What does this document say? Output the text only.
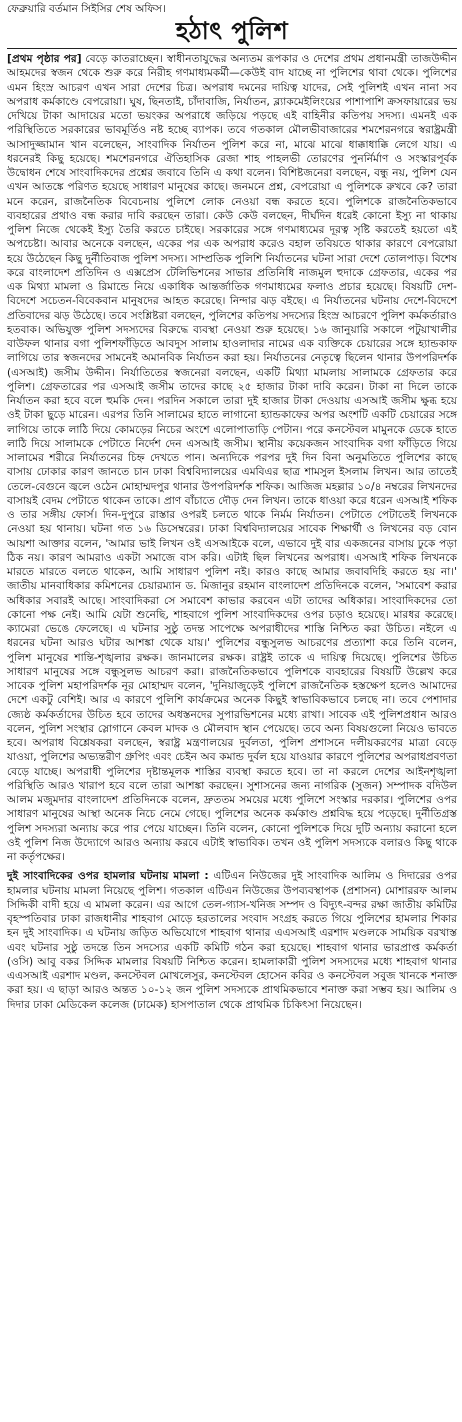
ফেব্রুয়ারি বর্তমান সিইসির শেষ অফিস।
হঠাৎ পুলিশ

[প্রথম পৃষ্ঠার পর] বেড়ে কাতরাচ্ছেন। স্বাধীনতাযুদ্ধের অন্যতম রূপকার ও দেশের প্রথম প্রধানমন্ত্রী তাজউদ্দীন আহমদের স্বজন থেকে শুরু করে নিরীহ গণমাধ্যমকর্মী—কেউই বাদ যাচ্ছে না পুলিশের থাবা থেকে। পুলিশের এমন হিংস্র আচরণ এখন সারা দেশের চিত্র। অপরাধ দমনের দায়িত্ব যাদের, সেই পুলিশই এখন নানা সব অপরাধ কর্মকাণ্ডে বেপরোয়া। ঘুষ, ছিনতাই, চাঁদাবাজি, নির্যাতন, ব্ল্যাকমেইলিংয়ের পাশাপাশি ক্রসফায়ারের ভয় দেখিয়ে টাকা আদায়ের মতো ভয়ংকর অপরাধে জড়িয়ে পড়ছে এই বাহিনীর কতিপয় সদস্য। এমনই এক পরিস্থিতিতে সরকারের ভাবমূর্তিও নষ্ট হচ্ছে ব্যাপক। তবে গতকাল মৌলভীবাজারের শমশেরনগরে স্বরাষ্ট্রমন্ত্রী আসাদুজ্জামান খান বলেছেন, সাংবাদিক নির্যাতন পুলিশ করে না, মাঝে মাঝে ধাক্কাধাক্কি লেগে যায়। এ ধরনেরই কিছু হয়েছে। শমশেরনগরে ঐতিহাসিক রেজা শাহ পাহলভী তোরণের পুনর্নির্মাণ ও সংস্কারপূর্বক উদ্বোধন শেষে সাংবাদিকদের প্রশ্নের জবাবে তিনি এ কথা বলেন। বিশিষ্টজনেরা বলছেন, বন্ধু নয়, পুলিশ যেন এখন আতঙ্কে পরিণত হয়েছে সাধারণ মানুষের কাছে। জনমনে প্রশ্ন, বেপরোয়া এ পুলিশকে রুখবে কে? তারা মনে করেন, রাজনৈতিক বিবেচনায় পুলিশে লোক নেওয়া বন্ধ করতে হবে। পুলিশকে রাজনৈতিকভাবে ব্যবহারের প্রথাও বন্ধ করার দাবি করছেন তারা। কেউ কেউ বলছেন, দীর্ঘদিন ধরেই কোনো ইস্যু না থাকায় পুলিশ নিজে থেকেই ইস্যু তৈরি করতে চাইছে। সরকারের সঙ্গে গণমাধ্যমের দূরত্ব সৃষ্টি করতেই হয়তো এই অপচেষ্টা। আবার অনেকে বলছেন, একের পর এক অপরাধ করেও বহাল তবিয়তে থাকার কারণে বেপরোয়া হয়ে উঠেছেন কিছু দুর্নীতিবাজ পুলিশ সদস্য। সাম্প্রতিক পুলিশি নির্যাতনের ঘটনা সারা দেশে তোলপাড়। বিশেষ করে বাংলাদেশ প্রতিদিন ও এক্সপ্রেস টেলিভিশনের সাভার প্রতিনিধি নাজমুল হুদাকে গ্রেফতার, একের পর এক মিথ্যা মামলা ও রিমান্ডে নিয়ে একাধিক আন্তর্জাতিক গণমাধ্যমের ফলাও প্রচার হয়েছে। বিষয়টি দেশ-বিদেশে সচেতন-বিবেকবান মানুষদের আহত করেছে। নিন্দার ঝড় বইছে। এ নির্যাতনের ঘটনায় দেশে-বিদেশে প্রতিবাদের ঝড় উঠেছে। তবে সংশ্লিষ্টরা বলছেন, পুলিশের কতিপয় সদস্যের হিংস্র আচরণে পুলিশ কর্মকর্তারাও হতবাক। অভিযুক্ত পুলিশ সদস্যদের বিরুদ্ধে ব্যবস্থা নেওয়া শুরু হয়েছে। ১৬ জানুয়ারি সকালে পটুয়াখালীর বাউফল থানার বগা পুলিশফাঁড়িতে আবদুস সালাম হাওলাদার নামের এক ব্যক্তিকে চেয়ারের সঙ্গে হ্যান্ডকাফ লাগিয়ে তার স্বজনদের সামনেই অমানবিক নির্যাতন করা হয়। নির্যাতনের নেতৃত্বে ছিলেন থানার উপপরিদর্শক (এসআই) জসীম উদ্দীন। নির্যাতিতের স্বজনেরা বলছেন, একটি মিথ্যা মামলায় সালামকে গ্রেফতার করে পুলিশ। গ্রেফতারের পর এসআই জসীম তাদের কাছে ২৫ হাজার টাকা দাবি করেন। টাকা না দিলে তাকে নির্যাতন করা হবে বলে হুমকি দেন। পরদিন সকালে তারা দুই হাজার টাকা দেওয়ায় এসআই জসীম ক্ষুব্ধ হয়ে ওই টাকা ছুড়ে মারেন। এরপর তিনি সালামের হাতে লাগানো হ্যান্ডকাফের অপর অংশটি একটি চেয়ারের সঙ্গে লাগিয়ে তাকে লাঠি দিয়ে কোমড়ের নিচের অংশে এলোপাতাড়ি পেটান। পরে কনস্টেবল মামুনকে ডেকে হাতে লাঠি দিয়ে সালামকে পেটাতে নির্দেশ দেন এসআই জসীম। স্থানীয় কয়েকজন সাংবাদিক বগা ফাঁড়িতে গিয়ে সালামের শরীরে নির্যাতনের চিহ্ন দেখতে পান। অন্যদিকে পরপর দুই দিন বিনা অনুমতিতে পুলিশের কাছে বাসায় ঢোকার কারণ জানতে চান ঢাকা বিশ্ববিদ্যালয়ের এমবিএর ছাত্র শামসুল ইসলাম লিখন। আর তাতেই তেলে-বেগুনে জ্বলে ওঠেন মোহাম্মদপুর থানার উপপরিদর্শক শফিক। আজিজ মহল্লার ১০/৪ নম্বরের লিখনদের বাসায়ই বেদম পেটাতে থাকেন তাকে। প্রাণ বাঁচাতে দৌড় দেন লিখন। তাকে ধাওয়া করে ধরেন এসআই শফিক ও তার সঙ্গীয় ফোর্স। দিন-দুপুরে রাস্তার ওপরই চলতে থাকে নির্মম নির্যাতন। পেটাতে পেটাতেই লিখনকে নেওয়া হয় থানায়। ঘটনা গত ১৬ ডিসেম্বরের। ঢাকা বিশ্ববিদ্যালয়ের সাবেক শিক্ষার্থী ও লিখনের বড় বোন আয়শা আক্তার বলেন, 'আমার ভাই লিখন ওই এসআইকে বলে, এভাবে দুই বার একজনের বাসায় ঢুকে পড়া ঠিক নয়। কারণ আমরাও একটা সমাজে বাস করি। এটাই ছিল লিখনের অপরাধ। এসআই শফিক লিখনকে মারতে মারতে বলতে থাকেন, আমি সাধারণ পুলিশ নই। কারও কাছে আমার জবাবদিহি করতে হয় না।' জাতীয় মানবাধিকার কমিশনের চেয়ারম্যান ড. মিজানুর রহমান বাংলাদেশ প্রতিদিনকে বলেন, 'সমাবেশ করার অধিকার সবারই আছে। সাংবাদিকরা সে সমাবেশ কাভার করবেন এটা তাদের অধিকার। সাংবাদিকদের তো কোনো পক্ষ নেই। আমি যেটা শুনেছি, শাহবাগে পুলিশ সাংবাদিকদের ওপর চড়াও হয়েছে। মারধর করেছে। ক্যামেরা ভেঙে ফেলেছে। এ ঘটনার সুষ্ঠু তদন্ত সাপেক্ষে অপরাধীদের শাস্তি নিশ্চিত করা উচিত। নইলে এ ধরনের ঘটনা আরও ঘটার আশঙ্কা থেকে যায়।' পুলিশের বন্ধুসুলভ আচরণের প্রত্যাশা করে তিনি বলেন, পুলিশ মানুষের শান্তি-শৃঙ্খলার রক্ষক। জানমালের রক্ষক। রাষ্ট্রই তাকে এ দায়িত্ব দিয়েছে। পুলিশের উচিত সাধারণ মানুষের সঙ্গে বন্ধুসুলভ আচরণ করা। রাজনৈতিকভাবে পুলিশকে ব্যবহারের বিষয়টি উল্লেখ করে সাবেক পুলিশ মহাপরিদর্শক নূর মোহাম্মদ বলেন, 'দুনিয়াজুড়েই পুলিশে রাজনৈতিক হস্তক্ষেপ হলেও আমাদের দেশে একটু বেশিই। আর এ কারণে পুলিশি কার্যক্রমের অনেক কিছুই স্বাভাবিকভাবে চলছে না। তবে পেশাদার জ্যেষ্ঠ কর্মকর্তাদের উচিত হবে তাদের অধস্তনদের সুপারভিশনের মধ্যে রাখা। সাবেক এই পুলিশপ্রধান আরও বলেন, পুলিশ সংস্থার স্লোগানে কেবল মাদক ও মৌলবাদ স্থান পেয়েছে। তবে অন্য বিষয়গুলো নিয়েও ভাবতে হবে। অপরাধ বিশ্লেষকরা বলছেন, স্বরাষ্ট্র মন্ত্রণালয়ের দুর্বলতা, পুলিশ প্রশাসনে দলীয়করণের মাত্রা বেড়ে যাওয়া, পুলিশের অভ্যন্তরীণ গ্রুপিং এবং চেইন অব কমান্ড দুর্বল হয়ে যাওয়ার কারণে পুলিশের অপরাধপ্রবণতা বেড়ে যাচ্ছে। অপরাধী পুলিশের দৃষ্টান্তমূলক শাস্তির ব্যবস্থা করতে হবে। তা না করলে দেশের আইনশৃঙ্খলা পরিস্থিতি আরও খারাপ হবে বলে তারা আশঙ্কা করছেন। সুশাসনের জন্য নাগরিক (সুজন) সম্পাদক বদিউল আলম মজুমদার বাংলাদেশ প্রতিদিনকে বলেন, দ্রুততম সময়ের মধ্যে পুলিশে সংস্কার দরকার। পুলিশের ওপর সাধারণ মানুষের আস্থা অনেক নিচে নেমে গেছে। পুলিশের অনেক কর্মকাণ্ড প্রশ্নবিদ্ধ হয়ে পড়েছে। দুর্নীতিগ্রস্ত পুলিশ সদস্যরা অন্যায় করে পার পেয়ে যাচ্ছেন। তিনি বলেন, কোনো পুলিশকে দিয়ে দুটি অন্যায় করানো হলে ওই পুলিশ নিজ উদ্যোগে আরও অন্যায় করবে এটাই স্বাভাবিক। তখন ওই পুলিশ সদস্যকে বলারও কিছু থাকে না কর্তৃপক্ষের।

দুই সাংবাদিকের ওপর হামলার ঘটনায় মামলা : এটিএন নিউজের দুই সাংবাদিক আলিম ও দিদারের ওপর হামলার ঘটনায় মামলা নিয়েছে পুলিশ। গতকাল এটিএন নিউজের উপব্যবস্থাপক (প্রশাসন) মোশাররফ আলম সিদ্দিকী বাদী হয়ে এ মামলা করেন। এর আগে তেল-গ্যাস-খনিজ সম্পদ ও বিদ্যুৎ-বন্দর রক্ষা জাতীয় কমিটির বৃহস্পতিবার ঢাকা রাজধানীর শাহবাগ মোড়ে হরতালের সংবাদ সংগ্রহ করতে গিয়ে পুলিশের হামলার শিকার হন দুই সাংবাদিক। এ ঘটনায় জড়িত অভিযোগে শাহবাগ থানার এএসআই এরশাদ মণ্ডলকে সাময়িক বরখাস্ত এবং ঘটনার সুষ্ঠু তদন্তে তিন সদস্যের একটি কমিটি গঠন করা হয়েছে। শাহবাগ থানার ভারপ্রাপ্ত কর্মকর্তা (ওসি) আবু বকর সিদ্দিক মামলার বিষয়টি নিশ্চিত করেন। হামলাকারী পুলিশ সদস্যদের মধ্যে শাহবাগ থানার এএসআই এরশাদ মণ্ডল, কনস্টেবল মোখলেসুর, কনস্টেবল হোসেন কবির ও কনস্টেবল সবুজ খানকে শনাক্ত করা হয়। এ ছাড়া আরও অন্তত ১০-১২ জন পুলিশ সদস্যকে প্রাথমিকভাবে শনাক্ত করা সম্ভব হয়। আলিম ও দিদার ঢাকা মেডিকেল কলেজ (ঢামেক) হাসপাতাল থেকে প্রাথমিক চিকিৎসা নিয়েছেন।
